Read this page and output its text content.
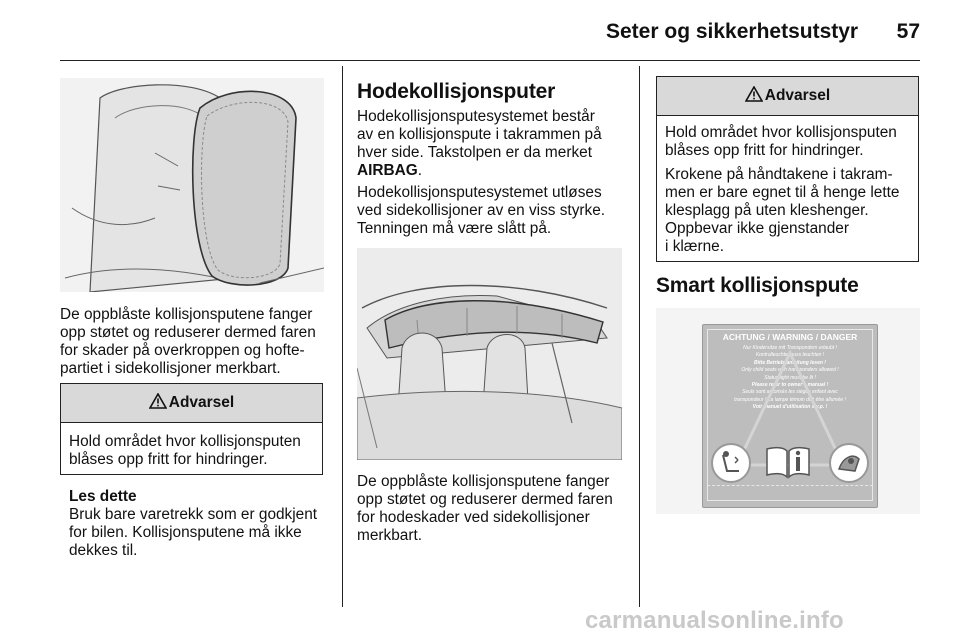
Seter og sikkerhetsutstyr	57
De oppblåste kollisjonsputene fanger
opp støtet og reduserer dermed faren
for skader på overkroppen og hofte-
partiet i sidekollisjoner merkbart.
Advarsel
Hold området hvor kollisjonsputen
blåses opp fritt for hindringer.
Les dette
Bruk bare varetrekk som er godkjent
for bilen. Kollisjonsputene må ikke
dekkes til.
Hodekollisjonsputer
Hodekollisjonsputesystemet består
av en kollisjonspute i takrammen på
hver side. Takstolpen er da merket
AIRBAG.
Hodekollisjonsputesystemet utløses
ved sidekollisjoner av en viss styrke.
Tenningen må være slått på.
De oppblåste kollisjonsputene fanger
opp støtet og reduserer dermed faren
for hodeskader ved sidekollisjoner
merkbart.
Advarsel

Hold området hvor kollisjonsputen
blåses opp fritt for hindringer.

Krokene på håndtakene i takram-
men er bare egnet til å henge lette
klesplagg på uten kleshenger.
Oppbevar ikke gjenstander
i klærne.

Smart kollisjonspute
ACHTUNG / WARNING / DANGER
Nur Kindersitze mit Transpondern erlaubt !
Kontrolleuchte muss leuchten !
Bitte Betriebsanleitung lesen !
Only child seats with transponders allowed !
Status light must be lit !
Please refer to owner's manual !
Seuls sont autorisés les sièges enfant avec
transpondeur ! La lampe témoin doit être allumée !
Voir manuel d'utilisation s.v.p. !
carmanualsonline.info
